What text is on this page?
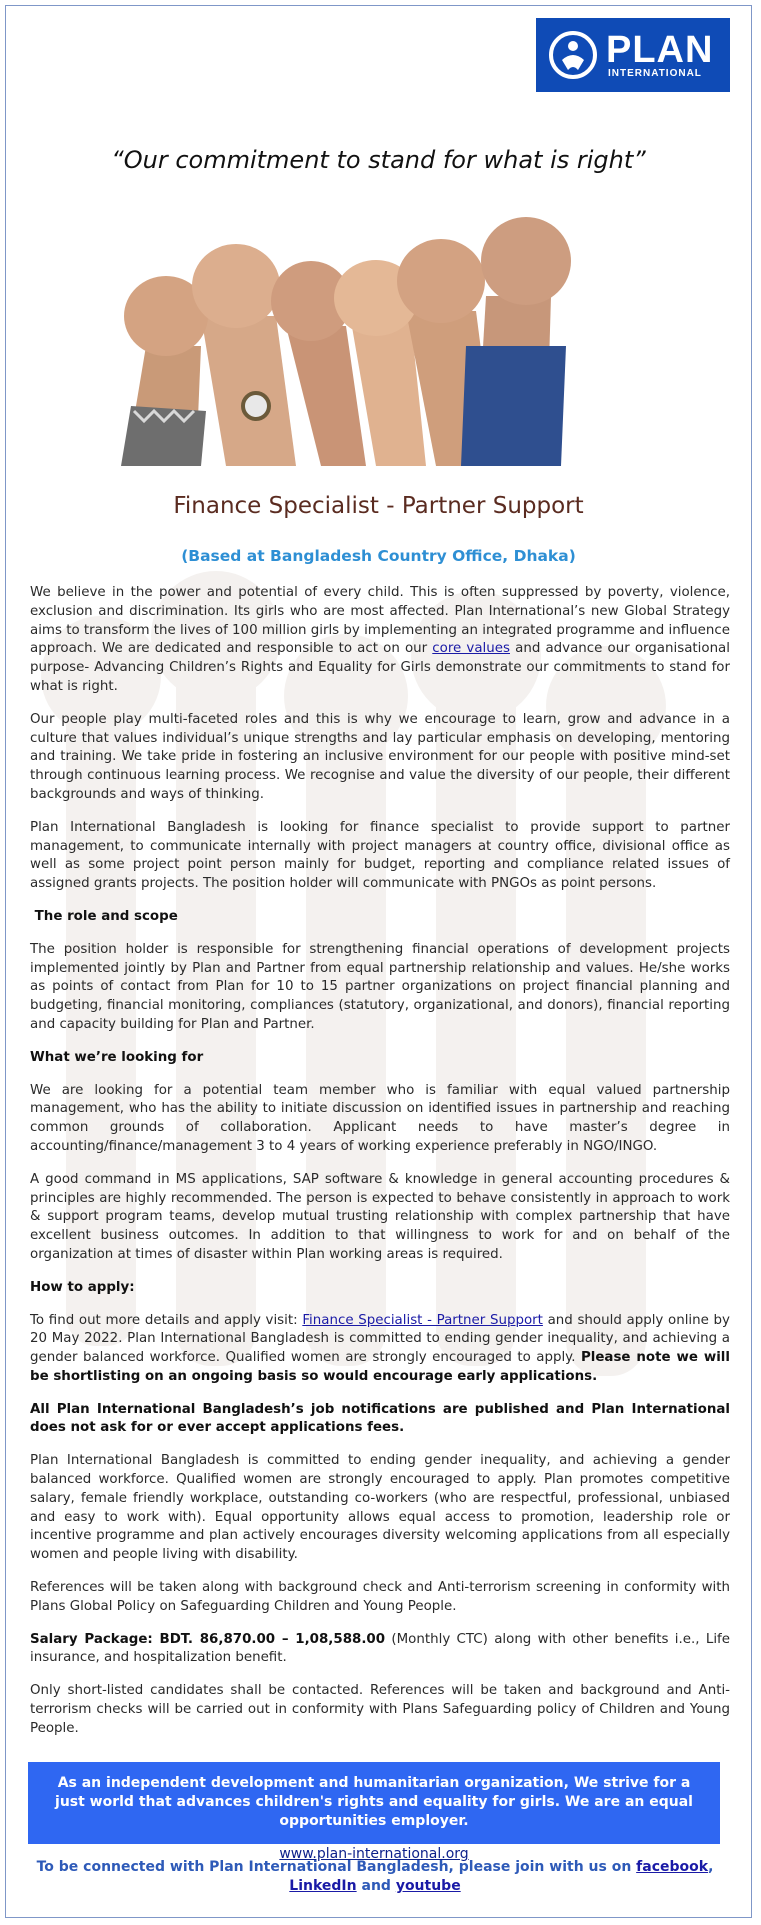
PLAN
INTERNATIONAL
“Our commitment to stand for what is right”
Finance Specialist - Partner Support
(Based at Bangladesh Country Office, Dhaka)

We believe in the power and potential of every child. This is often suppressed by poverty, violence, exclusion and discrimination. Its girls who are most affected. Plan International’s new Global Strategy aims to transform the lives of 100 million girls by implementing an integrated programme and influence approach. We are dedicated and responsible to act on our core values and advance our organisational purpose- Advancing Children’s Rights and Equality for Girls demonstrate our commitments to stand for what is right.

Our people play multi-faceted roles and this is why we encourage to learn, grow and advance in a culture that values individual’s unique strengths and lay particular emphasis on developing, mentoring and training. We take pride in fostering an inclusive environment for our people with positive mind-set through continuous learning process. We recognise and value the diversity of our people, their different backgrounds and ways of thinking.

Plan International Bangladesh is looking for finance specialist to provide support to partner management, to communicate internally with project managers at country office, divisional office as well as some project point person mainly for budget, reporting and compliance related issues of assigned grants projects. The position holder will communicate with PNGOs as point persons.

The role and scope

The position holder is responsible for strengthening financial operations of development projects implemented jointly by Plan and Partner from equal partnership relationship and values. He/she works as points of contact from Plan for 10 to 15 partner organizations on project financial planning and budgeting, financial monitoring, compliances (statutory, organizational, and donors), financial reporting and capacity building for Plan and Partner.

What we’re looking for

We are looking for a potential team member who is familiar with equal valued partnership management, who has the ability to initiate discussion on identified issues in partnership and reaching common grounds of collaboration. Applicant needs to have master’s degree in accounting/finance/management 3 to 4 years of working experience preferably in NGO/INGO.

A good command in MS applications, SAP software & knowledge in general accounting procedures & principles are highly recommended. The person is expected to behave consistently in approach to work & support program teams, develop mutual trusting relationship with complex partnership that have excellent business outcomes. In addition to that willingness to work for and on behalf of the organization at times of disaster within Plan working areas is required.

How to apply:

To find out more details and apply visit: Finance Specialist - Partner Support and should apply online by 20 May 2022. Plan International Bangladesh is committed to ending gender inequality, and achieving a gender balanced workforce. Qualified women are strongly encouraged to apply. Please note we will be shortlisting on an ongoing basis so would encourage early applications.

All Plan International Bangladesh’s job notifications are published and Plan International does not ask for or ever accept applications fees.

Plan International Bangladesh is committed to ending gender inequality, and achieving a gender balanced workforce. Qualified women are strongly encouraged to apply. Plan promotes competitive salary, female friendly workplace, outstanding co-workers (who are respectful, professional, unbiased and easy to work with). Equal opportunity allows equal access to promotion, leadership role or incentive programme and plan actively encourages diversity welcoming applications from all especially women and people living with disability.

References will be taken along with background check and Anti-terrorism screening in conformity with Plans Global Policy on Safeguarding Children and Young People.

Salary Package: BDT. 86,870.00 – 1,08,588.00 (Monthly CTC) along with other benefits i.e., Life insurance, and hospitalization benefit.

Only short-listed candidates shall be contacted. References will be taken and background and Anti-terrorism checks will be carried out in conformity with Plans Safeguarding policy of Children and Young People.

As an independent development and humanitarian organization, We strive for a just world that advances children's rights and equality for girls. We are an equal opportunities employer.
www.plan-international.org
To be connected with Plan International Bangladesh, please join with us on facebook, LinkedIn and youtube
